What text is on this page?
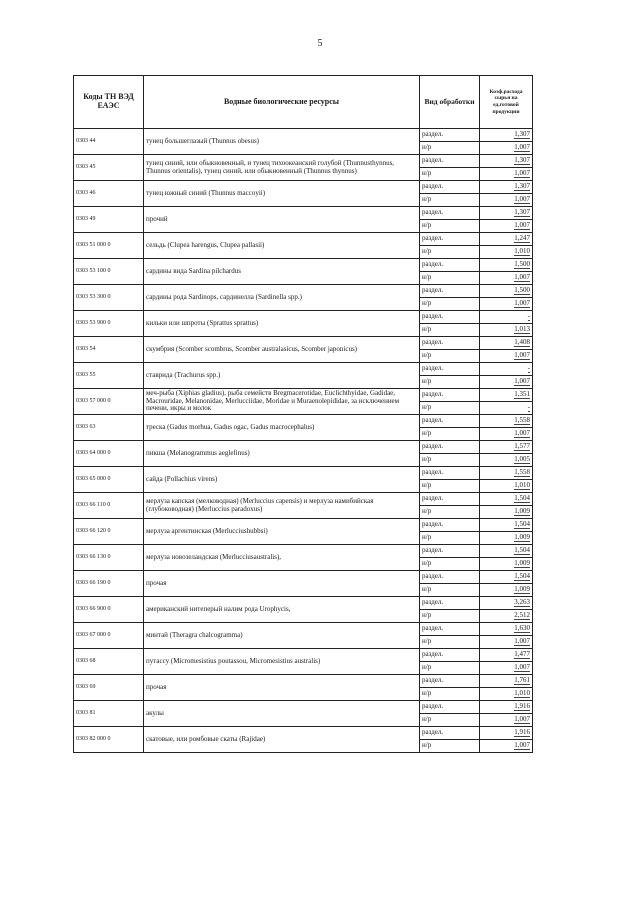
5
Коды ТН ВЭД ЕАЭС	Водные биологические ресурсы	Вид обработки	Коэф.расхода сырья на ед.готовой продукции
0303 44	тунец большеглазый (Thunnus obesus)	раздел.	1,307
		н/р	1,007
0303 45	тунец синий, или обыкновенный, и тунец тихоокеанский голубой (Thunnusthynnus, Thunnus orientalis), тунец синий, или обыкновенный (Thunnus thynnus)	раздел.	1,307
		н/р	1,007
0303 46	тунец южный синий (Thunnus maccoyii)	раздел.	1,307
		н/р	1,007
0303 49	прочий	раздел.	1,307
		н/р	1,007
0303 51 000 0	сельдь (Clupea harengus, Clupea pallasii)	раздел.	1,247
		н/р	1,010
0303 53 100 0	сардины вида Sardina pilchardus	раздел.	1,500
		н/р	1,007
0303 53 300 0	сардины рода Sardinops, сардинелла (Sardinella spp.)	раздел.	1,500
		н/р	1,007
0303 53 900 0	кильки или шпроты (Sprattus sprattus)	раздел.	-
		н/р	1,013
0303 54	скумбрия (Scomber scombrus, Scomber australasicus, Scomber japonicus)	раздел.	1,408
		н/р	1,007
0303 55	ставрида (Trachurus spp.)	раздел.	-
		н/р	1,007
0303 57 000 0	меч-рыба (Xiphias gladius), рыба семейств Bregmacerotidae, Euclichthyidae, Gadidae, Macrouridae, Melanonidae, Merlucciidae, Moridae и Muraenolepididae, за исключением печени, икры и молок	раздел.	1,351
		н/р	-
0303 63	треска (Gadus morhua, Gadus ogac, Gadus macrocephalus)	раздел.	1,558
		н/р	1,007
0303 64 000 0	пикша (Melanogrammus aeglefinus)	раздел.	1,577
		н/р	1,005
0303 65 000 0	сайда (Pollachius virens)	раздел.	1,558
		н/р	1,010
0303 66 110 0	мерлуза капская (мелководная) (Merluccius capensis) и мерлуза намибийская (глубоководная) (Merluccius paradoxus)	раздел.	1,504
		н/р	1,009
0303 66 120 0	мерлуза аргентинская (Merlucciushubbsi)	раздел.	1,504
		н/р	1,009
0303 66 130 0	мерлуза новозеландская (Merlucciusaustralis),	раздел.	1,504
		н/р	1,009
0303 66 190 0	прочая	раздел.	1,504
		н/р	1,009
0303 66 900 0	американский нитеперый налим рода Urophycis,	раздел.	3,263
		н/р	2,512
0303 67 000 0	минтай (Theragra chalcogramma)	раздел.	1,630
		н/р	1,007
0303 68	путассу (Micromesistius poutassou, Micromesistius australis)	раздел.	1,477
		н/р	1,007
0303 69	прочая	раздел.	1,761
		н/р	1,010
0303 81	акулы	раздел.	1,916
		н/р	1,007
0303 82 000 0	скатовые, или ромбовые скаты (Rajidae)	раздел.	1,916
		н/р	1,007
